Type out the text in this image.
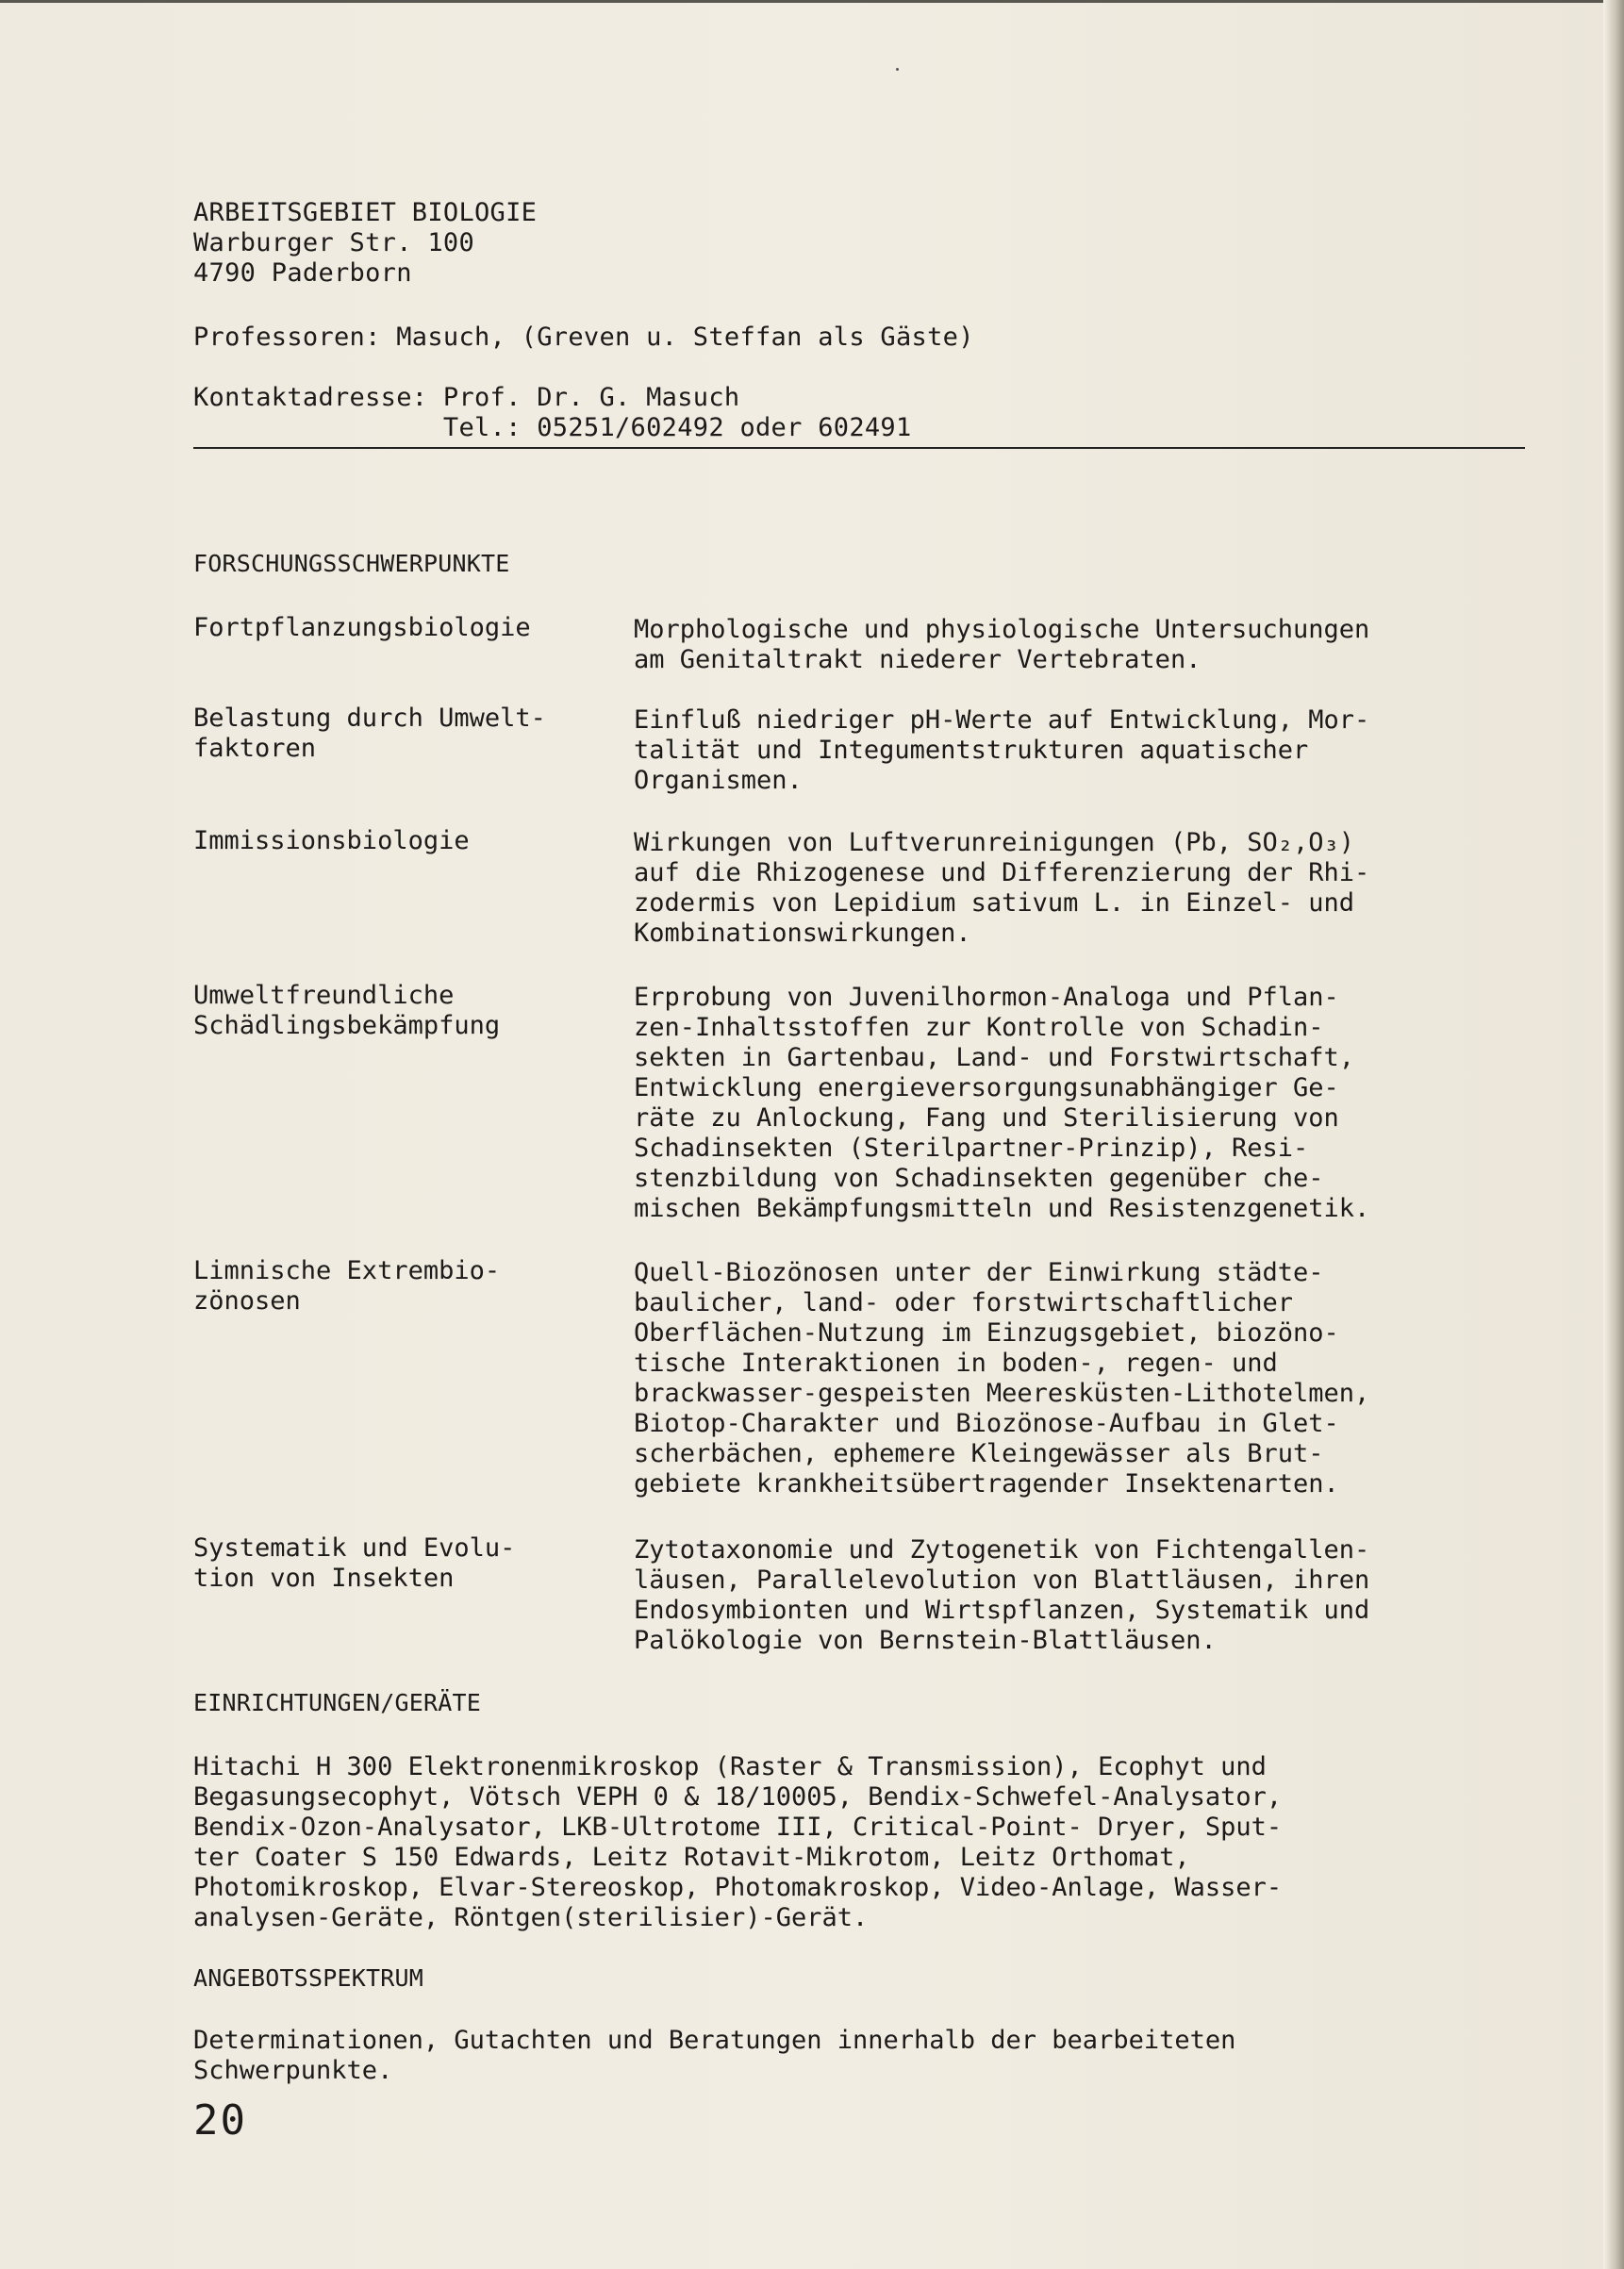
ARBEITSGEBIET BIOLOGIE
Warburger Str. 100
4790 Paderborn
Professoren: Masuch, (Greven u. Steffan als Gäste)
Kontaktadresse: Prof. Dr. G. Masuch
Tel.: 05251/602492 oder 602491
FORSCHUNGSSCHWERPUNKTE
Fortpflanzungsbiologie	Morphologische und physiologische Untersuchungen
am Genitaltrakt niederer Vertebraten.
Belastung durch Umwelt-
faktoren
Einfluß niedriger pH-Werte auf Entwicklung, Mor-
talität und Integumentstrukturen aquatischer
Organismen.
Immissionsbiologie	Wirkungen von Luftverunreinigungen (Pb, SO₂,O₃)
auf die Rhizogenese und Differenzierung der Rhi-
zodermis von Lepidium sativum L. in Einzel- und
Kombinationswirkungen.
Umweltfreundliche
Schädlingsbekämpfung
Erprobung von Juvenilhormon-Analoga und Pflan-
zen-Inhaltsstoffen zur Kontrolle von Schadin-
sekten in Gartenbau, Land- und Forstwirtschaft,
Entwicklung energieversorgungsunabhängiger Ge-
räte zu Anlockung, Fang und Sterilisierung von
Schadinsekten (Sterilpartner-Prinzip), Resi-
stenzbildung von Schadinsekten gegenüber che-
mischen Bekämpfungsmitteln und Resistenzgenetik.
Limnische Extrembio-
zönosen
Quell-Biozönosen unter der Einwirkung städte-
baulicher, land- oder forstwirtschaftlicher
Oberflächen-Nutzung im Einzugsgebiet, biozöno-
tische Interaktionen in boden-, regen- und
brackwasser-gespeisten Meeresküsten-Lithotelmen,
Biotop-Charakter und Biozönose-Aufbau in Glet-
scherbächen, ephemere Kleingewässer als Brut-
gebiete krankheitsübertragender Insektenarten.
Systematik und Evolu-
tion von Insekten
Zytotaxonomie und Zytogenetik von Fichtengallen-
läusen, Parallelevolution von Blattläusen, ihren
Endosymbionten und Wirtspflanzen, Systematik und
Palökologie von Bernstein-Blattläusen.
EINRICHTUNGEN/GERÄTE
Hitachi H 300 Elektronenmikroskop (Raster & Transmission), Ecophyt und
Begasungsecophyt, Vötsch VEPH 0 & 18/10005, Bendix-Schwefel-Analysator,
Bendix-Ozon-Analysator, LKB-Ultrotome III, Critical-Point- Dryer, Sput-
ter Coater S 150 Edwards, Leitz Rotavit-Mikrotom, Leitz Orthomat,
Photomikroskop, Elvar-Stereoskop, Photomakroskop, Video-Anlage, Wasser-
analysen-Geräte, Röntgen(sterilisier)-Gerät.
ANGEBOTSSPEKTRUM
Determinationen, Gutachten und Beratungen innerhalb der bearbeiteten
Schwerpunkte.
20
